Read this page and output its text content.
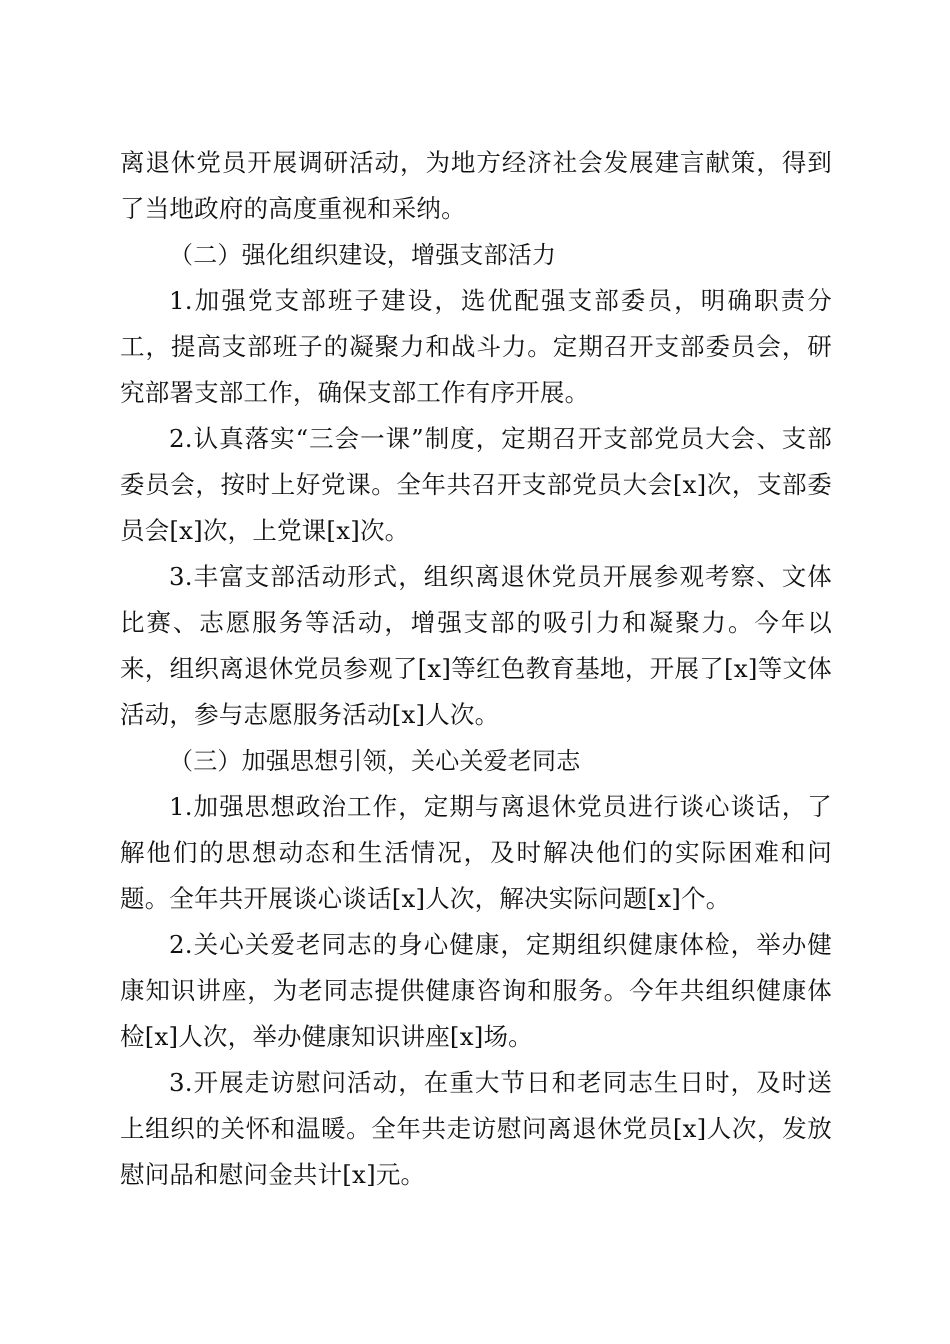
离退休党员开展调研活动，为地方经济社会发展建言献策，得到了当地政府的高度重视和采纳。

（二）强化组织建设，增强支部活力

1.加强党支部班子建设，选优配强支部委员，明确职责分工，提高支部班子的凝聚力和战斗力。定期召开支部委员会，研究部署支部工作，确保支部工作有序开展。

2.认真落实“三会一课”制度，定期召开支部党员大会、支部委员会，按时上好党课。全年共召开支部党员大会[x]次，支部委员会[x]次，上党课[x]次。

3.丰富支部活动形式，组织离退休党员开展参观考察、文体比赛、志愿服务等活动，增强支部的吸引力和凝聚力。今年以来，组织离退休党员参观了[x]等红色教育基地，开展了[x]等文体活动，参与志愿服务活动[x]人次。

（三）加强思想引领，关心关爱老同志

1.加强思想政治工作，定期与离退休党员进行谈心谈话，了解他们的思想动态和生活情况，及时解决他们的实际困难和问题。全年共开展谈心谈话[x]人次，解决实际问题[x]个。

2.关心关爱老同志的身心健康，定期组织健康体检，举办健康知识讲座，为老同志提供健康咨询和服务。今年共组织健康体检[x]人次，举办健康知识讲座[x]场。

3.开展走访慰问活动，在重大节日和老同志生日时，及时送上组织的关怀和温暖。全年共走访慰问离退休党员[x]人次，发放慰问品和慰问金共计[x]元。
